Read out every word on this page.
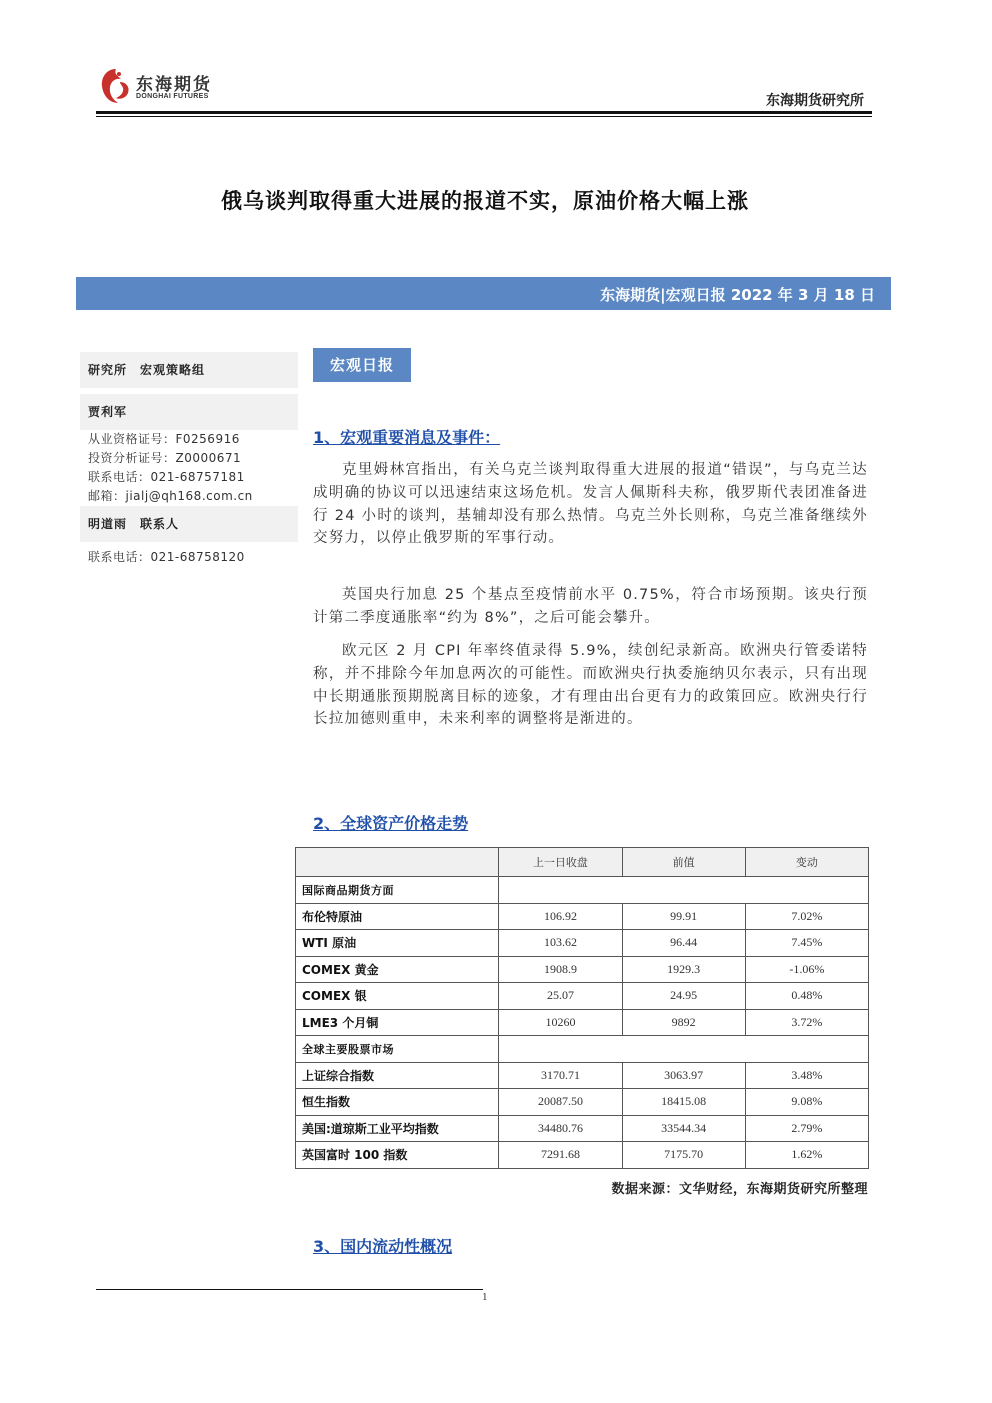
东海期货
DONGHAI FUTURES	东海期货研究所
俄乌谈判取得重大进展的报道不实，原油价格大幅上涨
东海期货|宏观日报 2022 年 3 月 18 日
研究所　宏观策略组
贾利军
从业资格证号：F0256916
投资分析证号：Z0000671
联系电话：021-68757181
邮箱：jialj@qh168.com.cn
明道雨　联系人
联系电话：021-68758120
宏观日报
1、宏观重要消息及事件：

克里姆林宫指出，有关乌克兰谈判取得重大进展的报道“错误”，与乌克兰达成明确的协议可以迅速结束这场危机。发言人佩斯科夫称，俄罗斯代表团准备进行 24 小时的谈判，基辅却没有那么热情。乌克兰外长则称，乌克兰准备继续外交努力，以停止俄罗斯的军事行动。

英国央行加息 25 个基点至疫情前水平 0.75%，符合市场预期。该央行预计第二季度通胀率“约为 8%”，之后可能会攀升。

欧元区 2 月 CPI 年率终值录得 5.9%，续创纪录新高。欧洲央行管委诺特称，并不排除今年加息两次的可能性。而欧洲央行执委施纳贝尔表示，只有出现中长期通胀预期脱离目标的迹象，才有理由出台更有力的政策回应。欧洲央行行长拉加德则重申，未来利率的调整将是渐进的。

2、全球资产价格走势
	上一日收盘	前值	变动
国际商品期货方面			
布伦特原油	106.92	99.91	7.02%
WTI 原油	103.62	96.44	7.45%
COMEX 黄金	1908.9	1929.3	-1.06%
COMEX 银	25.07	24.95	0.48%
LME3 个月铜	10260	9892	3.72%
全球主要股票市场			
上证综合指数	3170.71	3063.97	3.48%
恒生指数	20087.50	18415.08	9.08%
美国:道琼斯工业平均指数	34480.76	33544.34	2.79%
英国富时 100 指数	7291.68	7175.70	1.62%
数据来源：文华财经，东海期货研究所整理
3、国内流动性概况
1
